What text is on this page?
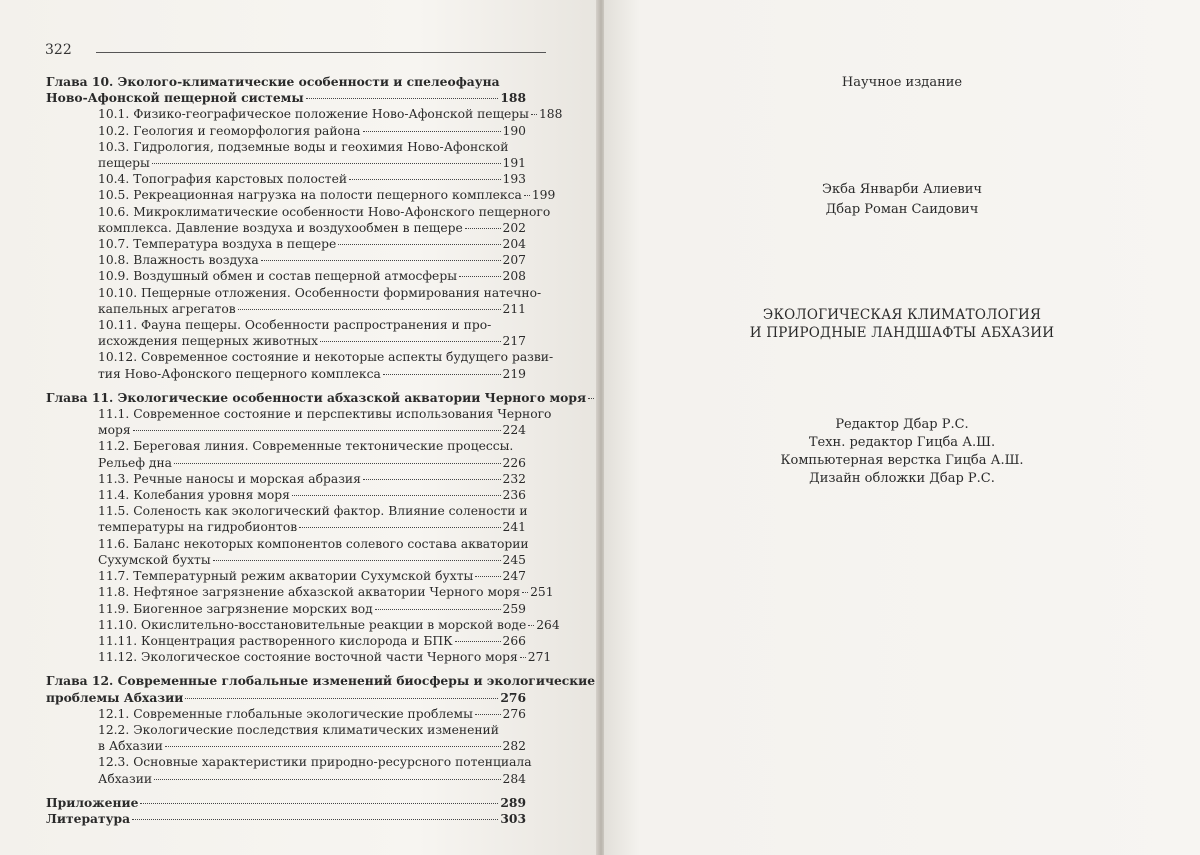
322
Глава 10. Эколого-климатические особенности и спелеофауна
Ново-Афонской пещерной системы	188
10.1. Физико-географическое положение Ново-Афонской пещеры 188
10.2. Геология и геоморфология района	190
10.3. Гидрология, подземные воды и геохимия Ново-Афонской
пещеры	191
10.4. Топография карстовых полостей	193
10.5. Рекреационная нагрузка на полости пещерного комплекса 199
10.6. Микроклиматические особенности Ново-Афонского пещерного
комплекса. Давление воздуха и воздухообмен в пещере	202
10.7. Температура воздуха в пещере	204
10.8. Влажность воздуха	207
10.9. Воздушный обмен и состав пещерной атмосферы	208
10.10. Пещерные отложения. Особенности формирования натечно-
капельных агрегатов	211
10.11. Фауна пещеры. Особенности распространения и про-
исхождения пещерных животных	217
10.12. Современное состояние и некоторые аспекты будущего разви-
тия Ново-Афонского пещерного комплекса	219
Глава 11. Экологические особенности абхазской акватории Черного моря
11.1. Современное состояние и перспективы использования Черного
моря	224
11.2. Береговая линия. Современные тектонические процессы.
Рельеф дна	226
11.3. Речные наносы и морская абразия	232
11.4. Колебания уровня моря	236
11.5. Соленость как экологический фактор. Влияние солености и
температуры на гидробионтов	241
11.6. Баланс некоторых компонентов солевого состава акватории
Сухумской бухты	245
11.7. Температурный режим акватории Сухумской бухты 247
11.8. Нефтяное загрязнение абхазской акватории Черного моря 251
11.9. Биогенное загрязнение морских вод	259
11.10. Окислительно-восстановительные реакции в морской воде 264
11.11. Концентрация растворенного кислорода и БПК	266
11.12. Экологическое состояние восточной части Черного моря 271
Глава 12. Современные глобальные изменений биосферы и экологические
проблемы Абхазии	276
12.1. Современные глобальные экологические проблемы 276
12.2. Экологические последствия климатических изменений
в Абхазии	282
12.3. Основные характеристики природно-ресурсного потенциала
Абхазии	284
Приложение	289
Литература	303
Научное издание
Экба Январби Алиевич
Дбар Роман Саидович
ЭКОЛОГИЧЕСКАЯ КЛИМАТОЛОГИЯ
И ПРИРОДНЫЕ ЛАНДШАФТЫ АБХАЗИИ
Редактор Дбар Р.С.
Техн. редактор Гицба А.Ш.
Компьютерная верстка Гицба А.Ш.
Дизайн обложки Дбар Р.С.
